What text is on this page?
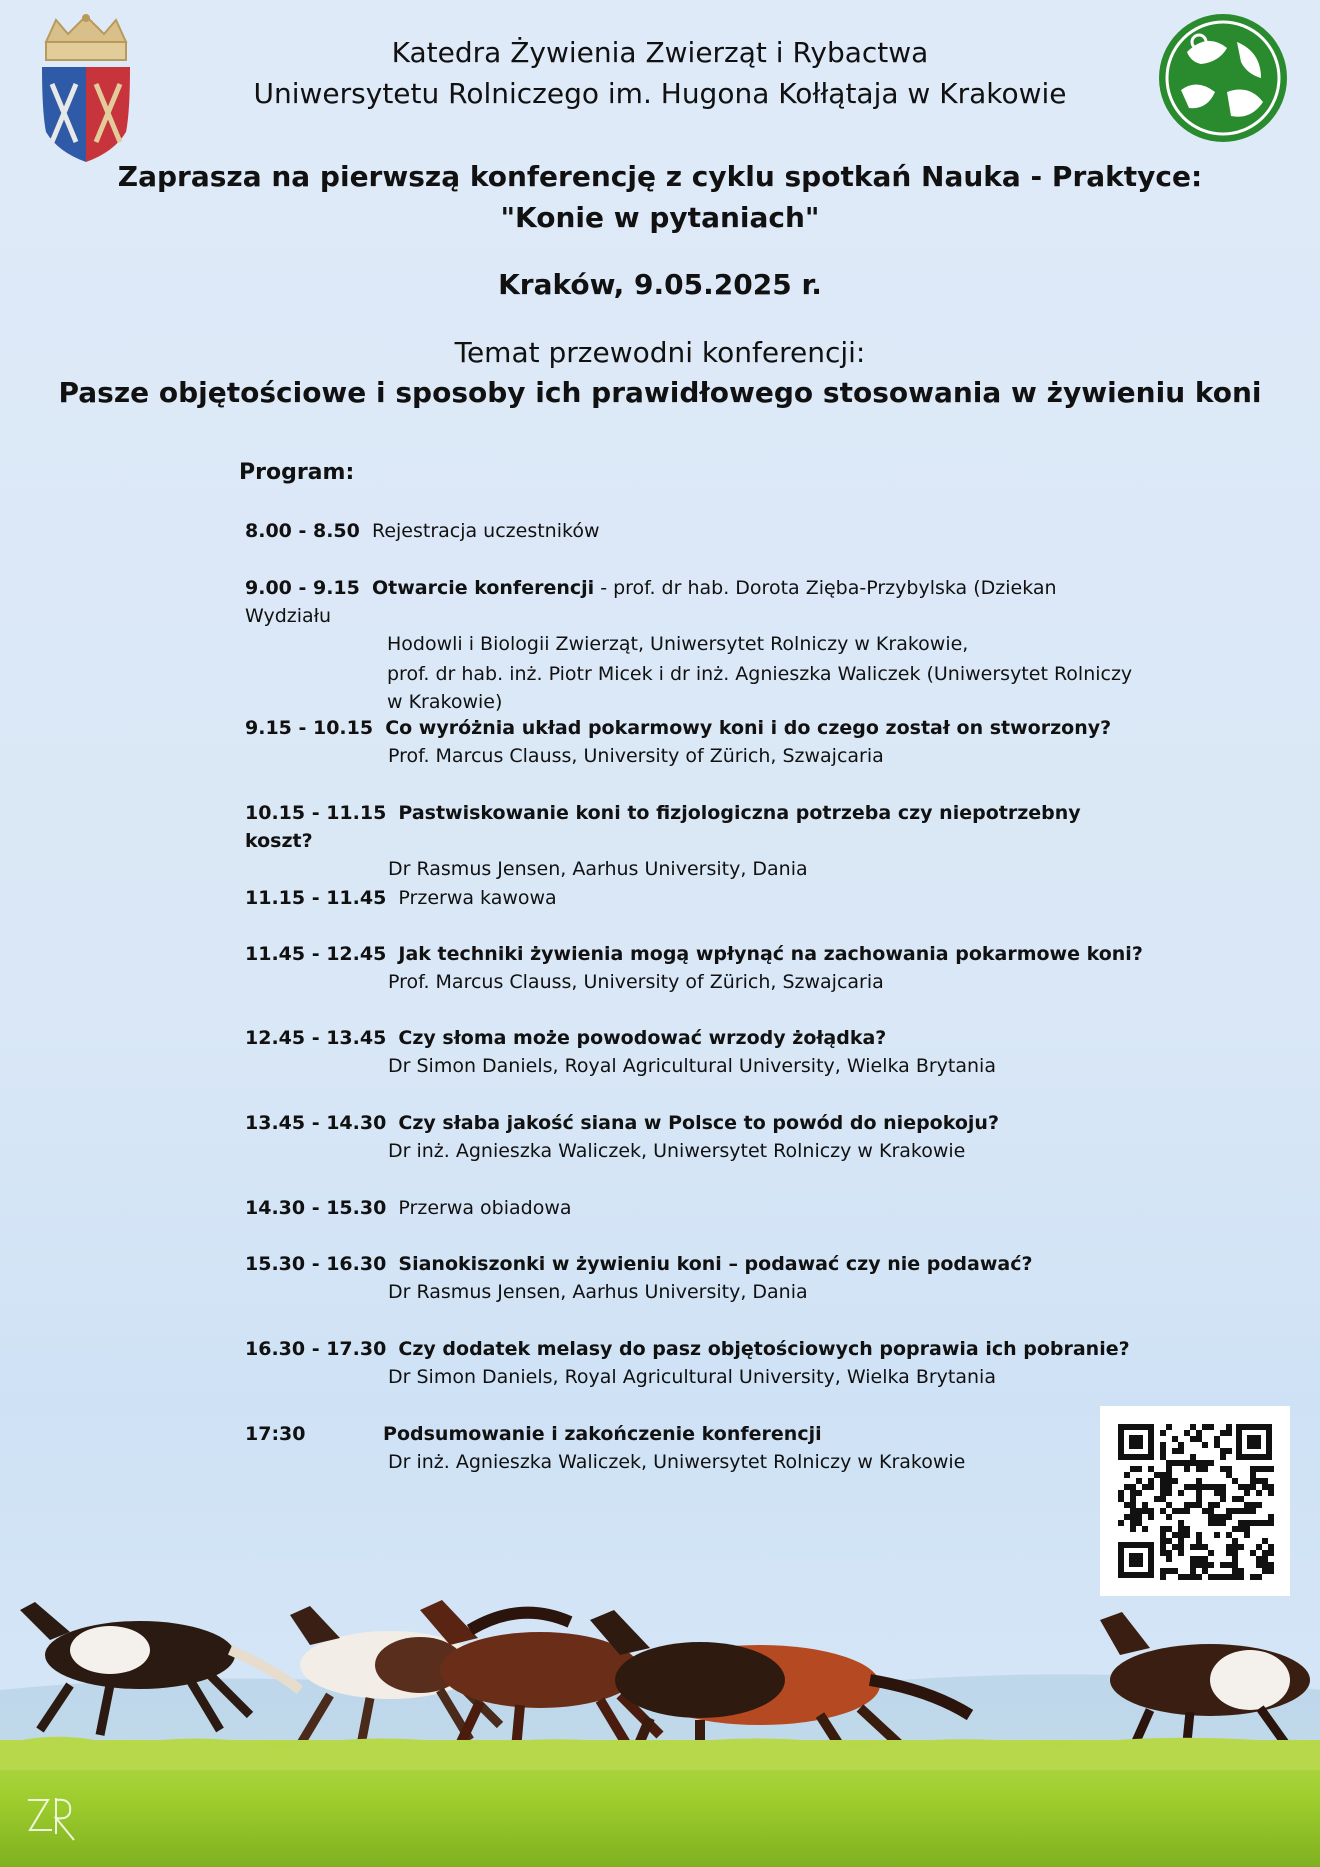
Katedra Żywienia Zwierząt i Rybactwa
Uniwersytetu Rolniczego im. Hugona Kołłątaja w Krakowie
Zaprasza na pierwszą konferencję z cyklu spotkań Nauka - Praktyce:
"Konie w pytaniach"
Kraków, 9.05.2025 r.

Temat przewodni konferencji:

Pasze objętościowe i sposoby ich prawidłowego stosowania w żywieniu koni

Program:

8.00 - 8.50 Rejestracja uczestników
9.00 - 9.15 Otwarcie konferencji - prof. dr hab. Dorota Zięba-Przybylska (Dziekan Wydziału
Hodowli i Biologii Zwierząt, Uniwersytet Rolniczy w Krakowie,
prof. dr hab. inż. Piotr Micek i dr inż. Agnieszka Waliczek (Uniwersytet Rolniczy
w Krakowie)
9.15 - 10.15 Co wyróżnia układ pokarmowy koni i do czego został on stworzony?
Prof. Marcus Clauss, University of Zürich, Szwajcaria
10.15 - 11.15 Pastwiskowanie koni to fizjologiczna potrzeba czy niepotrzebny koszt?
Dr Rasmus Jensen, Aarhus University, Dania
11.15 - 11.45 Przerwa kawowa
11.45 - 12.45 Jak techniki żywienia mogą wpłynąć na zachowania pokarmowe koni?
Prof. Marcus Clauss, University of Zürich, Szwajcaria
12.45 - 13.45 Czy słoma może powodować wrzody żołądka?
Dr Simon Daniels, Royal Agricultural University, Wielka Brytania
13.45 - 14.30 Czy słaba jakość siana w Polsce to powód do niepokoju?
Dr inż. Agnieszka Waliczek, Uniwersytet Rolniczy w Krakowie
14.30 - 15.30 Przerwa obiadowa
15.30 - 16.30 Sianokiszonki w żywieniu koni – podawać czy nie podawać?
Dr Rasmus Jensen, Aarhus University, Dania
16.30 - 17.30 Czy dodatek melasy do pasz objętościowych poprawia ich pobranie?
Dr Simon Daniels, Royal Agricultural University, Wielka Brytania
17:30	Podsumowanie i zakończenie konferencji
Dr inż. Agnieszka Waliczek, Uniwersytet Rolniczy w Krakowie
